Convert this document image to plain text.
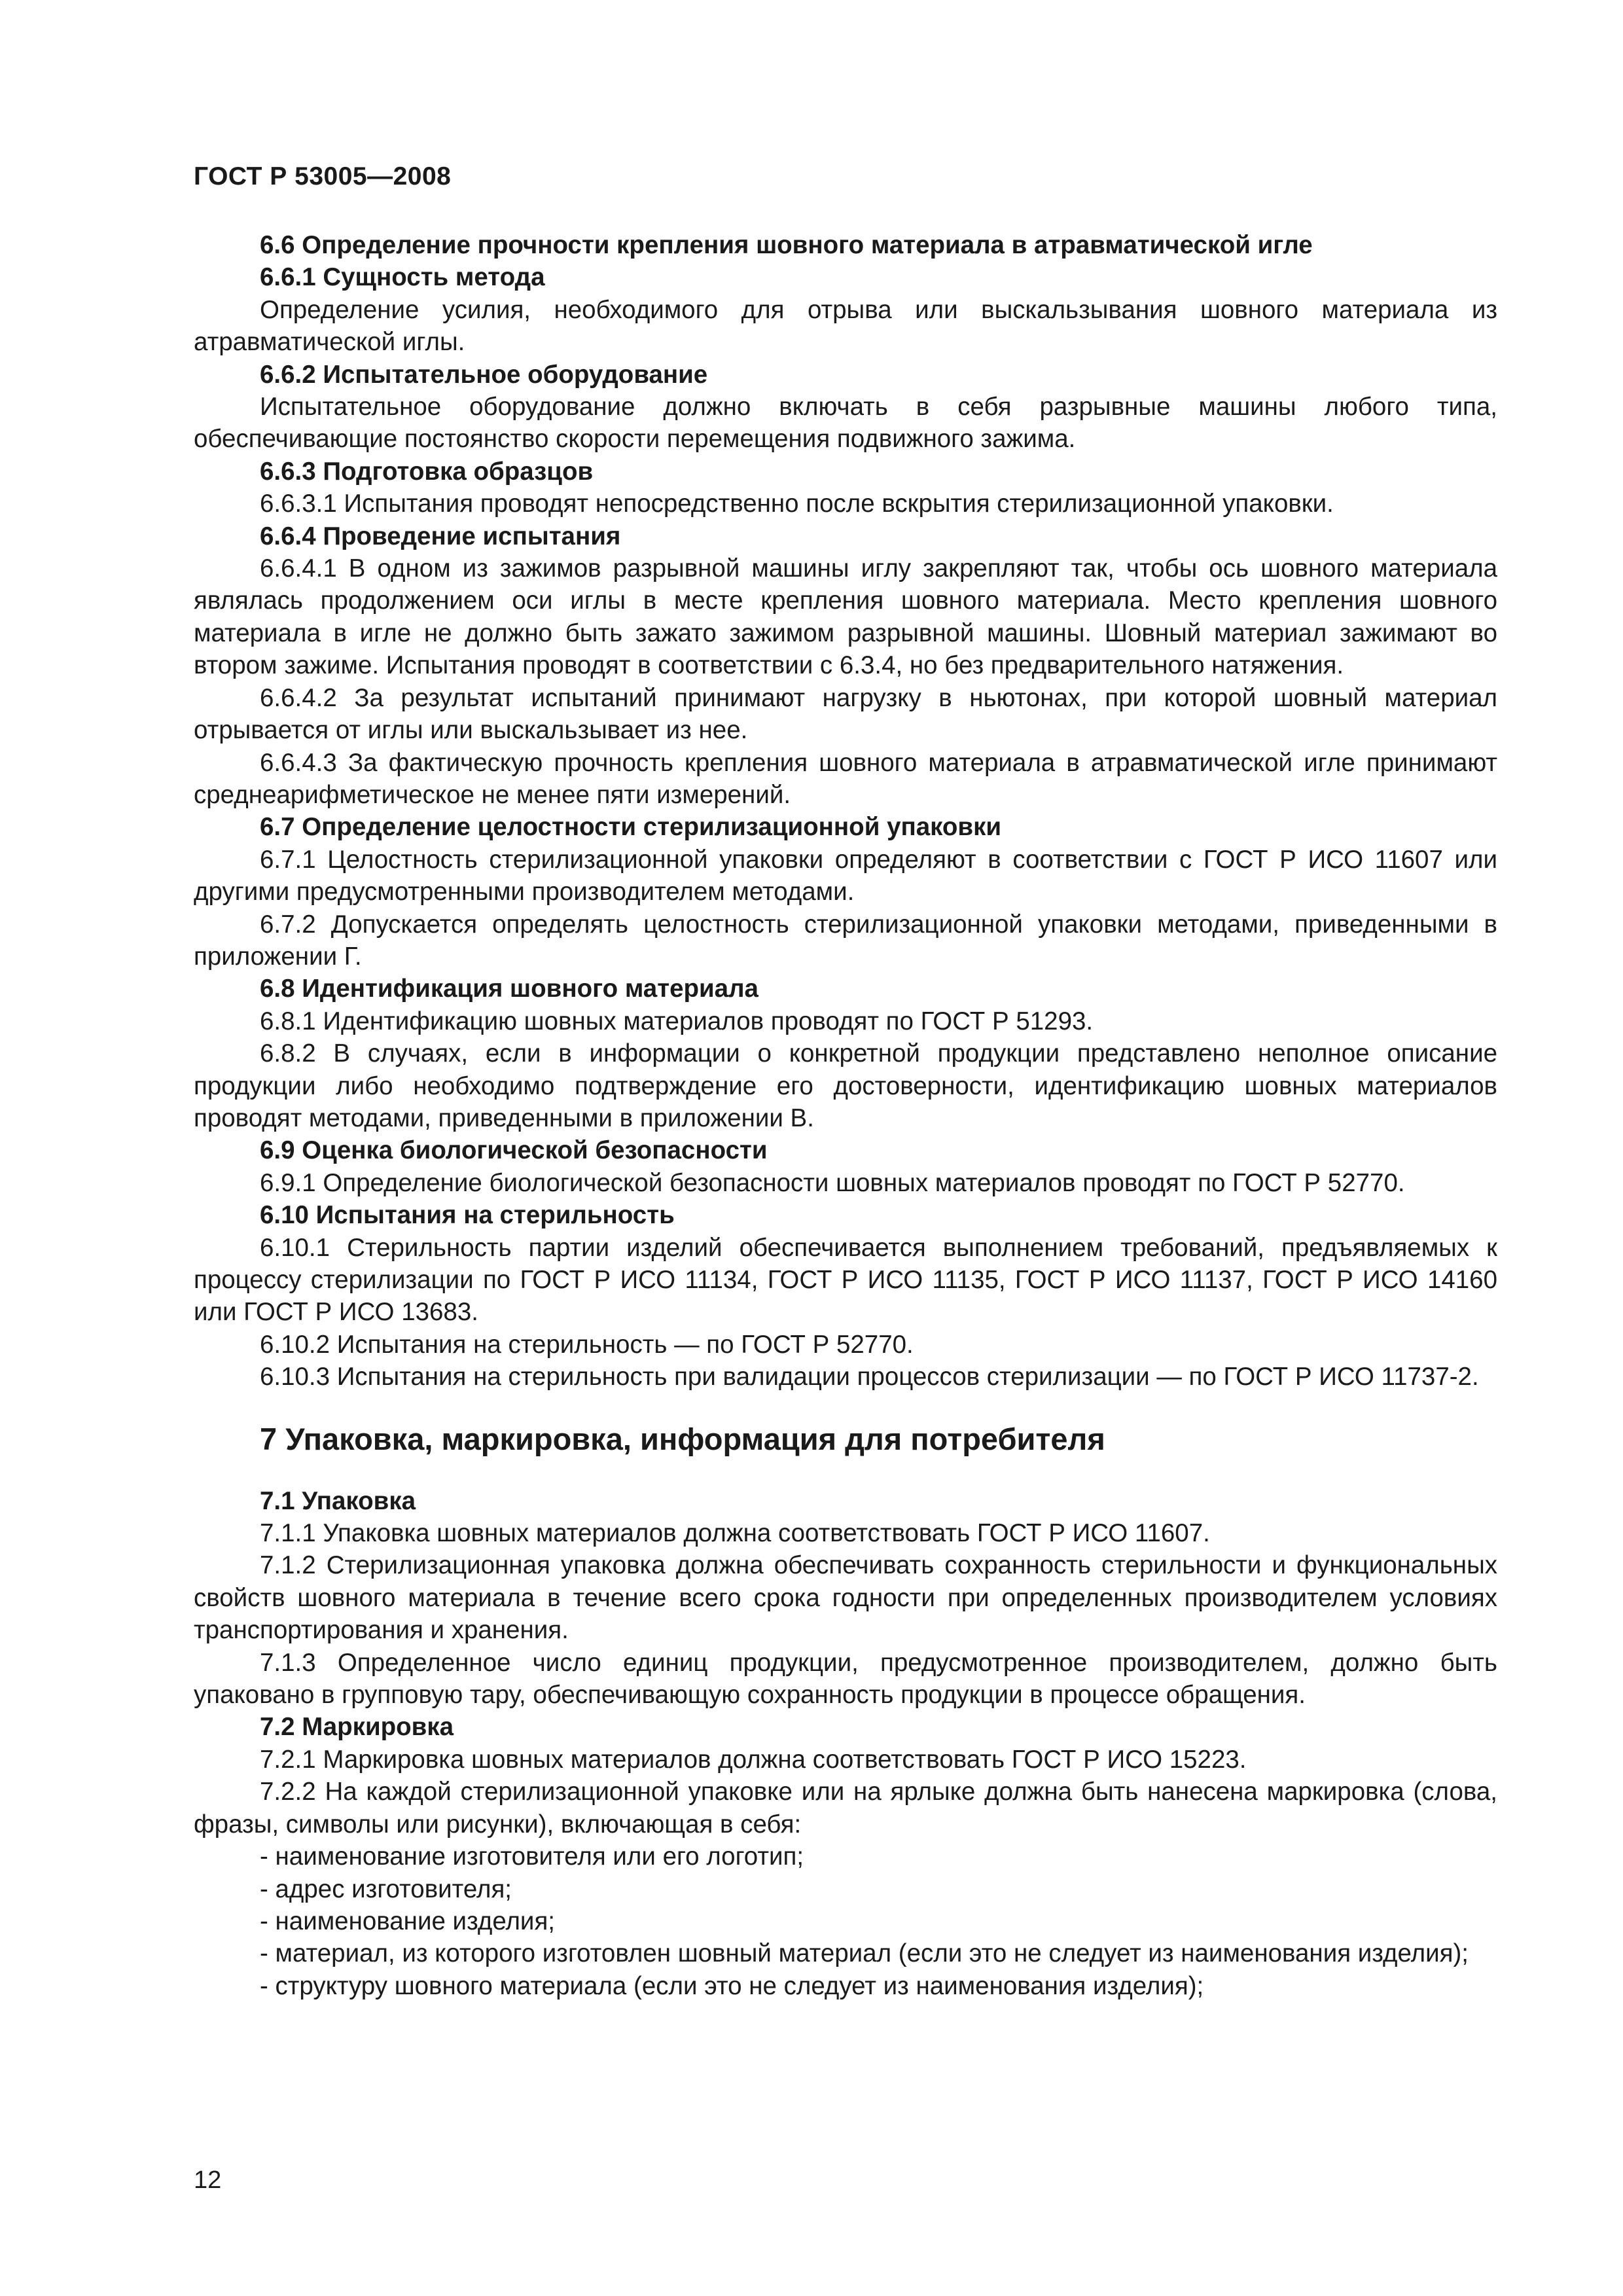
ГОСТ Р 53005—2008

6.6 Определение прочности крепления шовного материала в атравматической игле

6.6.1 Сущность метода

Определение усилия, необходимого для отрыва или выскальзывания шовного материала из атравматической иглы.

6.6.2 Испытательное оборудование

Испытательное оборудование должно включать в себя разрывные машины любого типа, обеспечивающие постоянство скорости перемещения подвижного зажима.

6.6.3 Подготовка образцов

6.6.3.1 Испытания проводят непосредственно после вскрытия стерилизационной упаковки.

6.6.4 Проведение испытания

6.6.4.1 В одном из зажимов разрывной машины иглу закрепляют так, чтобы ось шовного материала являлась продолжением оси иглы в месте крепления шовного материала. Место крепления шовного материала в игле не должно быть зажато зажимом разрывной машины. Шовный материал зажимают во втором зажиме. Испытания проводят в соответствии с 6.3.4, но без предварительного натяжения.

6.6.4.2 За результат испытаний принимают нагрузку в ньютонах, при которой шовный материал отрывается от иглы или выскальзывает из нее.

6.6.4.3 За фактическую прочность крепления шовного материала в атравматической игле принимают среднеарифметическое не менее пяти измерений.

6.7 Определение целостности стерилизационной упаковки

6.7.1 Целостность стерилизационной упаковки определяют в соответствии с ГОСТ Р ИСО 11607 или другими предусмотренными производителем методами.

6.7.2 Допускается определять целостность стерилизационной упаковки методами, приведенными в приложении Г.

6.8 Идентификация шовного материала

6.8.1 Идентификацию шовных материалов проводят по ГОСТ Р 51293.

6.8.2 В случаях, если в информации о конкретной продукции представлено неполное описание продукции либо необходимо подтверждение его достоверности, идентификацию шовных материалов проводят методами, приведенными в приложении В.

6.9 Оценка биологической безопасности

6.9.1 Определение биологической безопасности шовных материалов проводят по ГОСТ Р 52770.

6.10 Испытания на стерильность

6.10.1 Стерильность партии изделий обеспечивается выполнением требований, предъявляемых к процессу стерилизации по ГОСТ Р ИСО 11134, ГОСТ Р ИСО 11135, ГОСТ Р ИСО 11137, ГОСТ Р ИСО 14160 или ГОСТ Р ИСО 13683.

6.10.2 Испытания на стерильность — по ГОСТ Р 52770.

6.10.3 Испытания на стерильность при валидации процессов стерилизации — по ГОСТ Р ИСО 11737-2.

7 Упаковка, маркировка, информация для потребителя

7.1 Упаковка

7.1.1 Упаковка шовных материалов должна соответствовать ГОСТ Р ИСО 11607.

7.1.2 Стерилизационная упаковка должна обеспечивать сохранность стерильности и функциональных свойств шовного материала в течение всего срока годности при определенных производителем условиях транспортирования и хранения.

7.1.3 Определенное число единиц продукции, предусмотренное производителем, должно быть упаковано в групповую тару, обеспечивающую сохранность продукции в процессе обращения.

7.2 Маркировка

7.2.1 Маркировка шовных материалов должна соответствовать ГОСТ Р ИСО 15223.

7.2.2 На каждой стерилизационной упаковке или на ярлыке должна быть нанесена маркировка (слова, фразы, символы или рисунки), включающая в себя:

- наименование изготовителя или его логотип;

- адрес изготовителя;

- наименование изделия;

- материал, из которого изготовлен шовный материал (если это не следует из наименования изделия);

- структуру шовного материала (если это не следует из наименования изделия);

12
